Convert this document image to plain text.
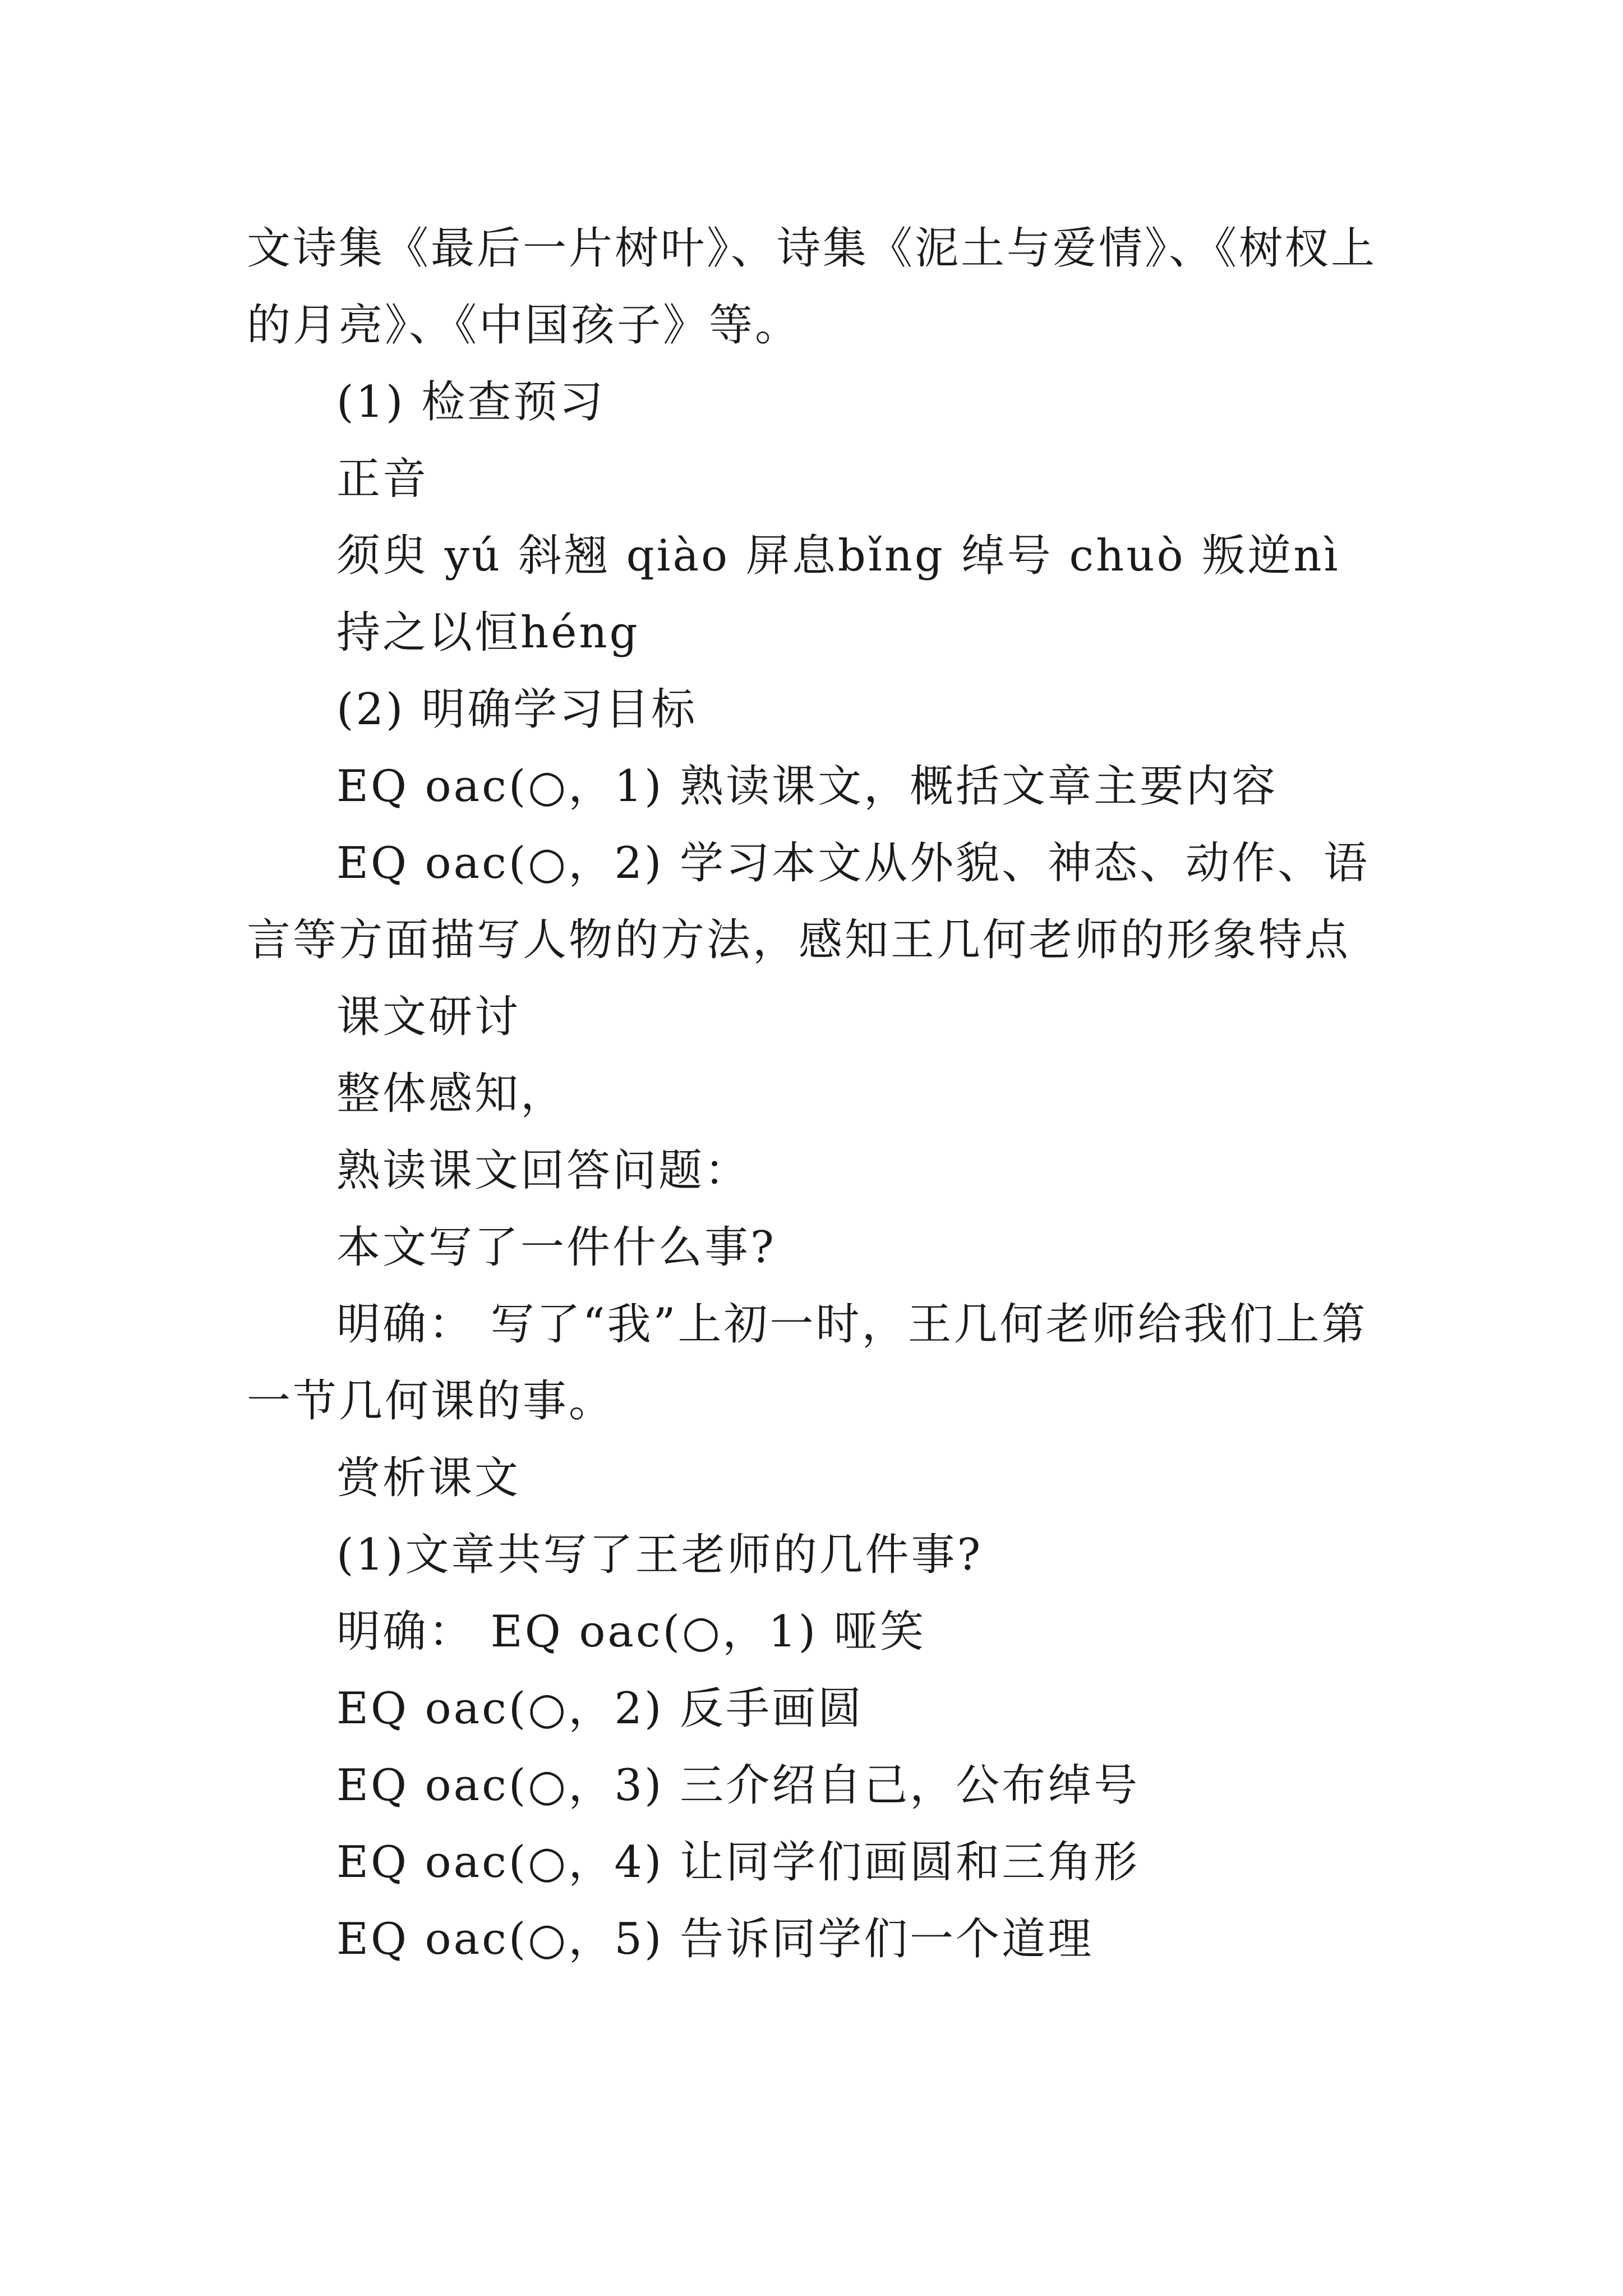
文诗集《最后一片树叶》、诗集《泥土与爱情》、《树杈上的月亮》、《中国孩子》等。

(1) 检查预习

正音

须臾 yú 斜翘 qiào 屏息bǐng 绰号 chuò 叛逆nì

持之以恒héng

(2) 明确学习目标

EQ oac(○，1) 熟读课文，概括文章主要内容

EQ oac(○，2) 学习本文从外貌、神态、动作、语言等方面描写人物的方法，感知王几何老师的形象特点

课文研讨

整体感知，

熟读课文回答问题：

本文写了一件什么事?

明确： 写了“我”上初一时，王几何老师给我们上第一节几何课的事。

赏析课文

(1)文章共写了王老师的几件事?

明确： EQ oac(○，1) 哑笑

EQ oac(○，2) 反手画圆

EQ oac(○，3) 三介绍自己，公布绰号

EQ oac(○，4) 让同学们画圆和三角形

EQ oac(○，5) 告诉同学们一个道理
